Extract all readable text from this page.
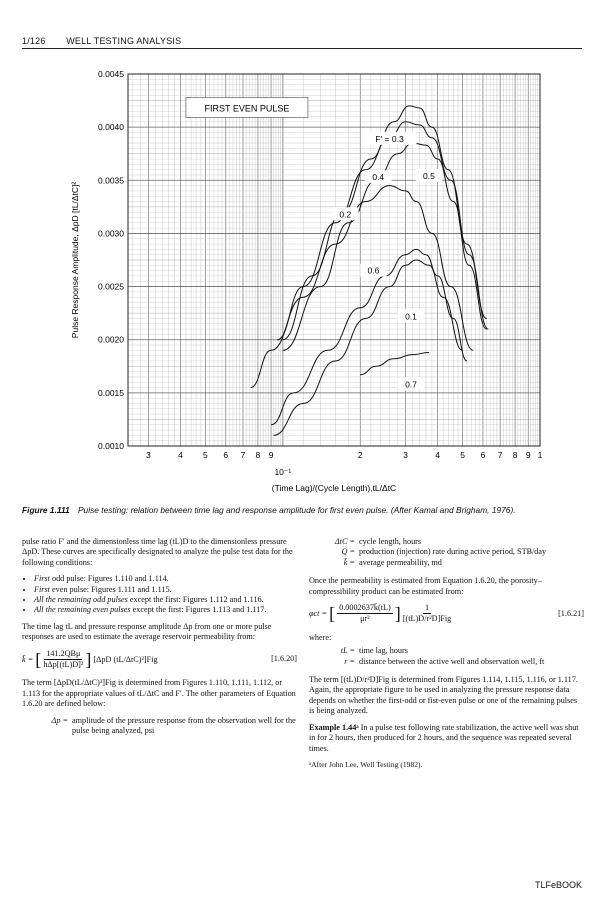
1/126 WELL TESTING ANALYSIS
0.0010
0.0015
0.0020
0.0025
0.0030
0.0035
0.0040
0.0045
3	4 5 6 7 8 9	2	3	4 5 6 7 8 9 1
10⁻¹
(Time Lag)/(Cycle Length),tL/ΔtC
Pulse Response Amplitude, ΔpD [tL/ΔtC]²
FIRST EVEN PULSE
F' = 0.3
0.4	0.5
0.2
0.6
0.1
0.7
Figure 1.111 Pulse testing: relation between time lag and response amplitude for first even pulse. (After Kamal and Brigham, 1976).

pulse ratio F′ and the dimensionless time lag (tL)D to the dimensionless pressure ΔpD. These curves are specifically designated to analyze the pulse test data for the following conditions:

• First odd pulse: Figures 1.110 and 1.114.
• First even pulse: Figures 1.111 and 1.115.
• All the remaining odd pulses except the first: Figures 1.112 and 1.116.
• All the remaining even pulses except the first: Figures 1.113 and 1.117.

The time lag tL and pressure response amplitude Δp from one or more pulse responses are used to estimate the average reservoir permeability from:

k̄ = [ $\frac{\text{141.2QBμ}}{\text{hΔp[(tL)D]²}}$ ] [ΔpD (tL/ΔtC)²]Fig	[1.6.20]

The term [ΔpD(tL/ΔtC)²]Fig is determined from Figures 1.110, 1.111, 1.112, or 1.113 for the appropriate values of tL/ΔtC and F′. The other parameters of Equation 1.6.20 are defined below:

Δp = amplitude of the pressure response from the observation well for the pulse being analyzed, psi
ΔtC = cycle length, hours
Q = production (injection) rate during active period, STB/day
k̄ = average permeability, md

Once the permeability is estimated from Equation 1.6.20, the porosity–compressibility product can be estimated from:

φct = [ $\frac{0.0002637k̄(tL)}{\text{μr²}}$ ] $\frac{1}{\text{[(tL)D/r²D]Fig}}$	[1.6.21]

where:

tL = time lag, hours
r = distance between the active well and observation well, ft

The term [(tL)D/r²D]Fig is determined from Figures 1.114, 1.115, 1.116, or 1.117. Again, the appropriate figure to be used in analyzing the pressure response data depends on whether the first-odd or fist-even pulse or one of the remaining pulses is being analyzed.

Example 1.44ᵃ In a pulse test following rate stabilization, the active well was shut in for 2 hours, then produced for 2 hours, and the sequence was repeated several times.

ᵃAfter John Lee, Well Testing (1982).
TLFeBOOK
